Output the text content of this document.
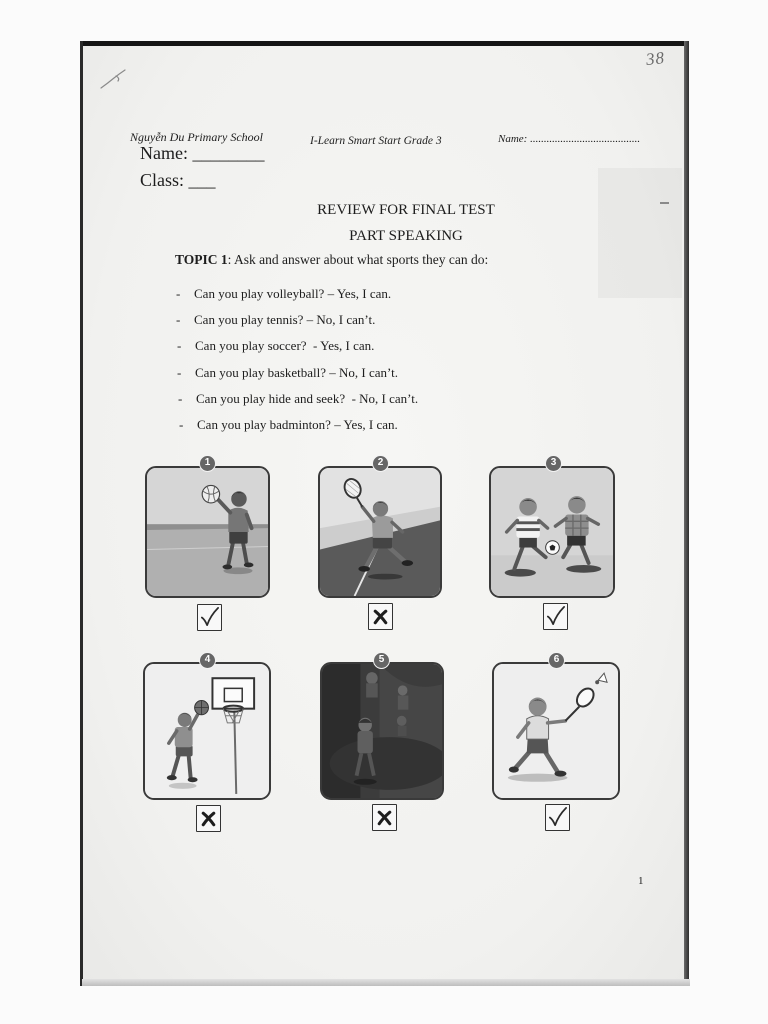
38
Nguyễn Du Primary School	I-Learn Smart Start Grade 3	Name: ........................................
Name: ________
Class: ___
REVIEW FOR FINAL TEST
PART SPEAKING
TOPIC 1: Ask and answer about what sports they can do:
- Can you play volleyball? – Yes, I can.
- Can you play tennis? – No, I can’t.
- Can you play soccer?  - Yes, I can.
- Can you play basketball? – No, I can’t.
- Can you play hide and seek?  - No, I can’t.
- Can you play badminton? – Yes, I can.
1	2	3
4	5	6
1
